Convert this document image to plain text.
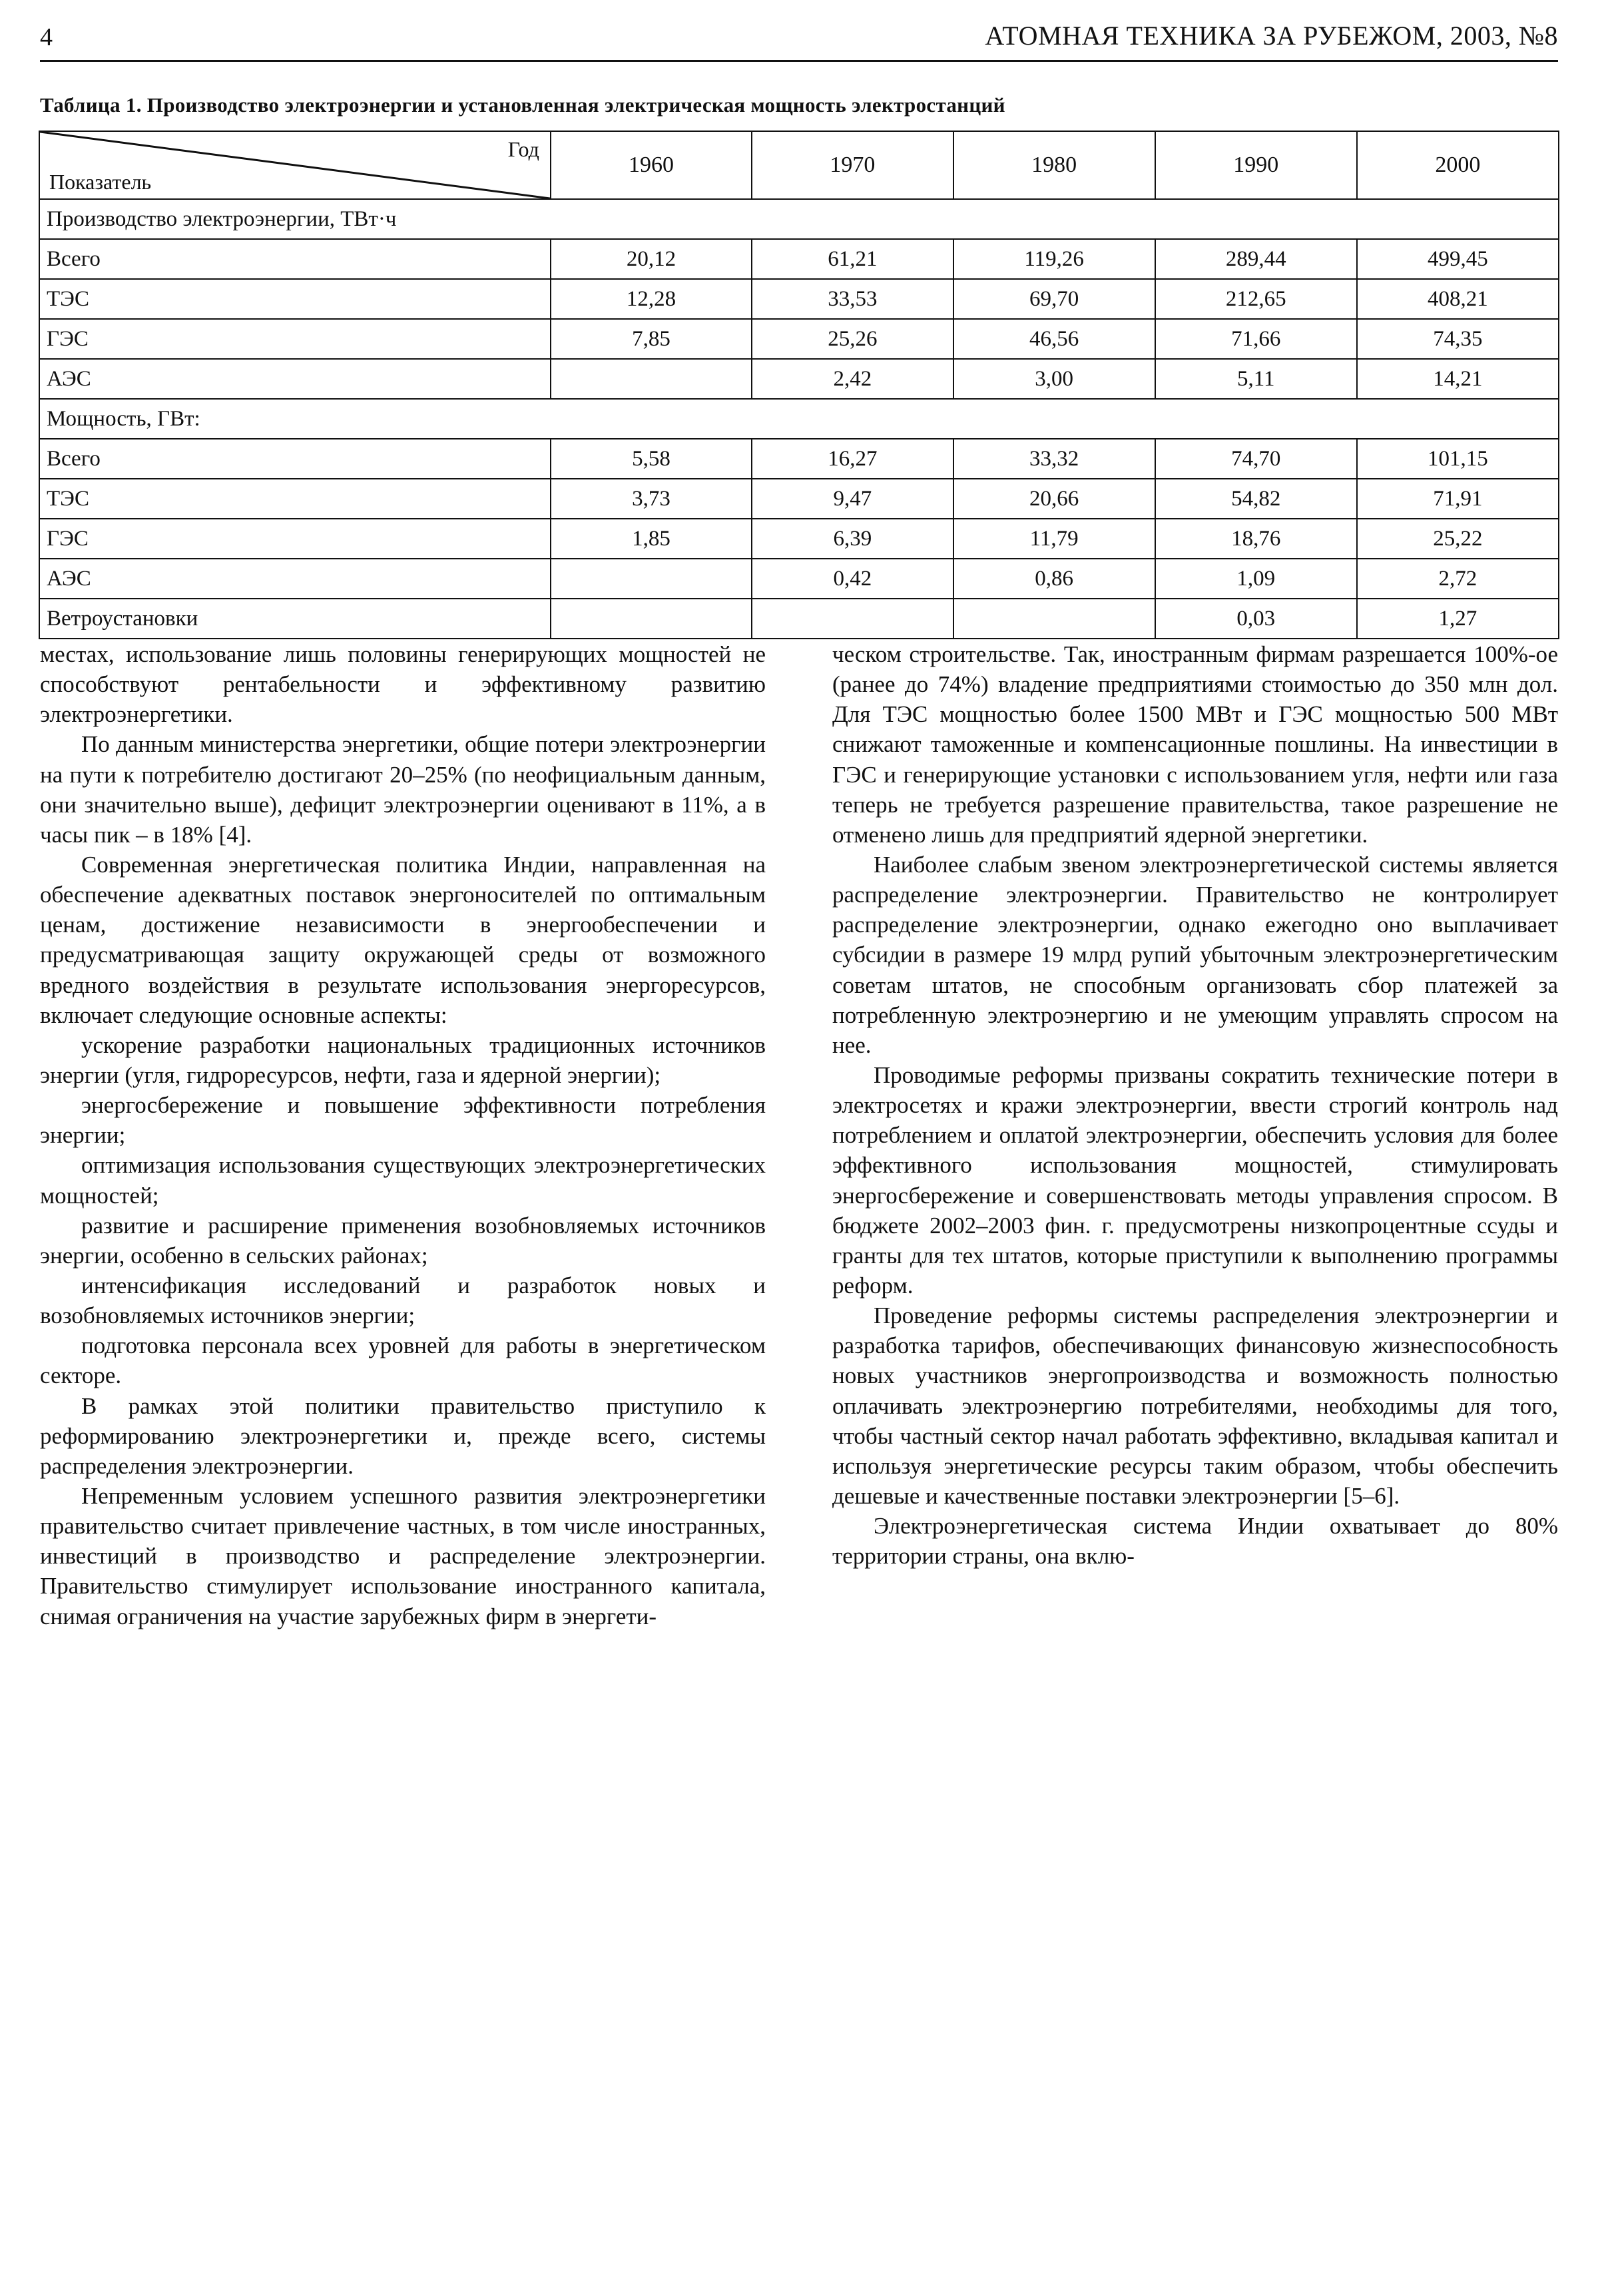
4	АТОМНАЯ ТЕХНИКА ЗА РУБЕЖОМ, 2003, №8
Таблица 1. Производство электроэнергии и установленная электрическая мощность электростанций
Год
Показатель	1960	1970	1980	1990	2000
Производство электроэнергии, ТВт·ч					
Всего	20,12	61,21	119,26	289,44	499,45
ТЭС	12,28	33,53	69,70	212,65	408,21
ГЭС	7,85	25,26	46,56	71,66	74,35
АЭС		2,42	3,00	5,11	14,21
Мощность, ГВт:					
Всего	5,58	16,27	33,32	74,70	101,15
ТЭС	3,73	9,47	20,66	54,82	71,91
ГЭС	1,85	6,39	11,79	18,76	25,22
АЭС		0,42	0,86	1,09	2,72
Ветроустановки				0,03	1,27

местах, использование лишь половины генерирующих мощностей не способствуют рентабельности и эффективному развитию электроэнергетики.

По данным министерства энергетики, общие потери электроэнергии на пути к потребителю достигают 20–25% (по неофициальным данным, они значительно выше), дефицит электроэнергии оценивают в 11%, а в часы пик – в 18% [4].

Современная энергетическая политика Индии, направленная на обеспечение адекватных поставок энергоносителей по оптимальным ценам, достижение независимости в энергообеспечении и предусматривающая защиту окружающей среды от возможного вредного воздействия в результате использования энергоресурсов, включает следующие основные аспекты:

ускорение разработки национальных традиционных источников энергии (угля, гидроресурсов, нефти, газа и ядерной энергии);

энергосбережение и повышение эффективности потребления энергии;

оптимизация использования существующих электроэнергетических мощностей;

развитие и расширение применения возобновляемых источников энергии, особенно в сельских районах;

интенсификация исследований и разработок новых и возобновляемых источников энергии;

подготовка персонала всех уровней для работы в энергетическом секторе.

В рамках этой политики правительство приступило к реформированию электроэнергетики и, прежде всего, системы распределения электроэнергии.

Непременным условием успешного развития электроэнергетики правительство считает привлечение частных, в том числе иностранных, инвестиций в производство и распределение электроэнергии. Правительство стимулирует использование иностранного капитала, снимая ограничения на участие зарубежных фирм в энергети-

ческом строительстве. Так, иностранным фирмам разрешается 100%-ое (ранее до 74%) владение предприятиями стоимостью до 350 млн дол. Для ТЭС мощностью более 1500 МВт и ГЭС мощностью 500 МВт снижают таможенные и компенсационные пошлины. На инвестиции в ГЭС и генерирующие установки с использованием угля, нефти или газа теперь не требуется разрешение правительства, такое разрешение не отменено лишь для предприятий ядерной энергетики.

Наиболее слабым звеном электроэнергетической системы является распределение электроэнергии. Правительство не контролирует распределение электроэнергии, однако ежегодно оно выплачивает субсидии в размере 19 млрд рупий убыточным электроэнергетическим советам штатов, не способным организовать сбор платежей за потребленную электроэнергию и не умеющим управлять спросом на нее.

Проводимые реформы призваны сократить технические потери в электросетях и кражи электроэнергии, ввести строгий контроль над потреблением и оплатой электроэнергии, обеспечить условия для более эффективного использования мощностей, стимулировать энергосбережение и совершенствовать методы управления спросом. В бюджете 2002–2003 фин. г. предусмотрены низкопроцентные ссуды и гранты для тех штатов, которые приступили к выполнению программы реформ.

Проведение реформы системы распределения электроэнергии и разработка тарифов, обеспечивающих финансовую жизнеспособность новых участников энергопроизводства и возможность полностью оплачивать электроэнергию потребителями, необходимы для того, чтобы частный сектор начал работать эффективно, вкладывая капитал и используя энергетические ресурсы таким образом, чтобы обеспечить дешевые и качественные поставки электроэнергии [5–6].

Электроэнергетическая система Индии охватывает до 80% территории страны, она вклю-
